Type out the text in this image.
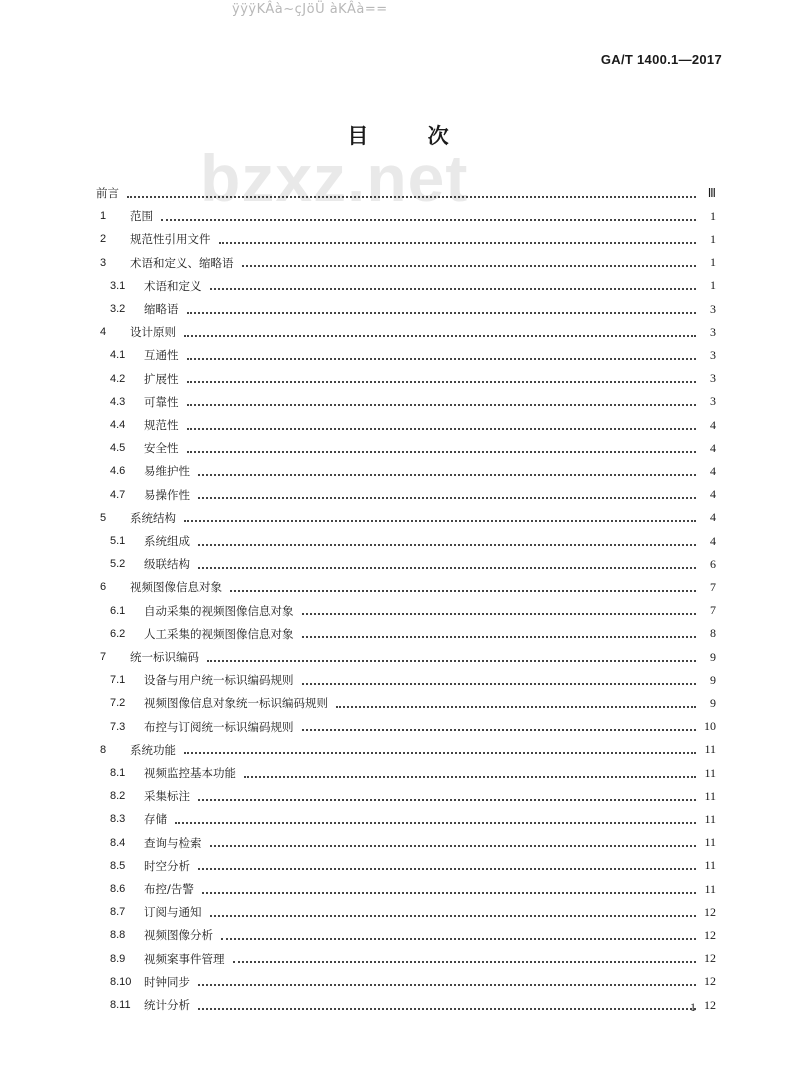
ÿÿÿKÂà~çJöÜ àKÂà==
GA/T 1400.1—2017
bzxz.net
目 次
前言	Ⅲ
1	范围	1
2	规范性引用文件	1
3	术语和定义、缩略语	1
3.1	术语和定义	1
3.2	缩略语	3
4	设计原则	3
4.1	互通性	3
4.2	扩展性	3
4.3	可靠性	3
4.4	规范性	4
4.5	安全性	4
4.6	易维护性	4
4.7	易操作性	4
5	系统结构	4
5.1	系统组成	4
5.2	级联结构	6
6	视频图像信息对象	7
6.1	自动采集的视频图像信息对象	7
6.2	人工采集的视频图像信息对象	8
7	统一标识编码	9
7.1	设备与用户统一标识编码规则	9
7.2	视频图像信息对象统一标识编码规则	9
7.3	布控与订阅统一标识编码规则	10
8	系统功能	11
8.1	视频监控基本功能	11
8.2	采集标注	11
8.3	存储	11
8.4	查询与检索	11
8.5	时空分析	11
8.6	布控/告警	11
8.7	订阅与通知	12
8.8	视频图像分析	12
8.9	视频案事件管理	12
8.10	时钟同步	12
8.11	统计分析	12
1
